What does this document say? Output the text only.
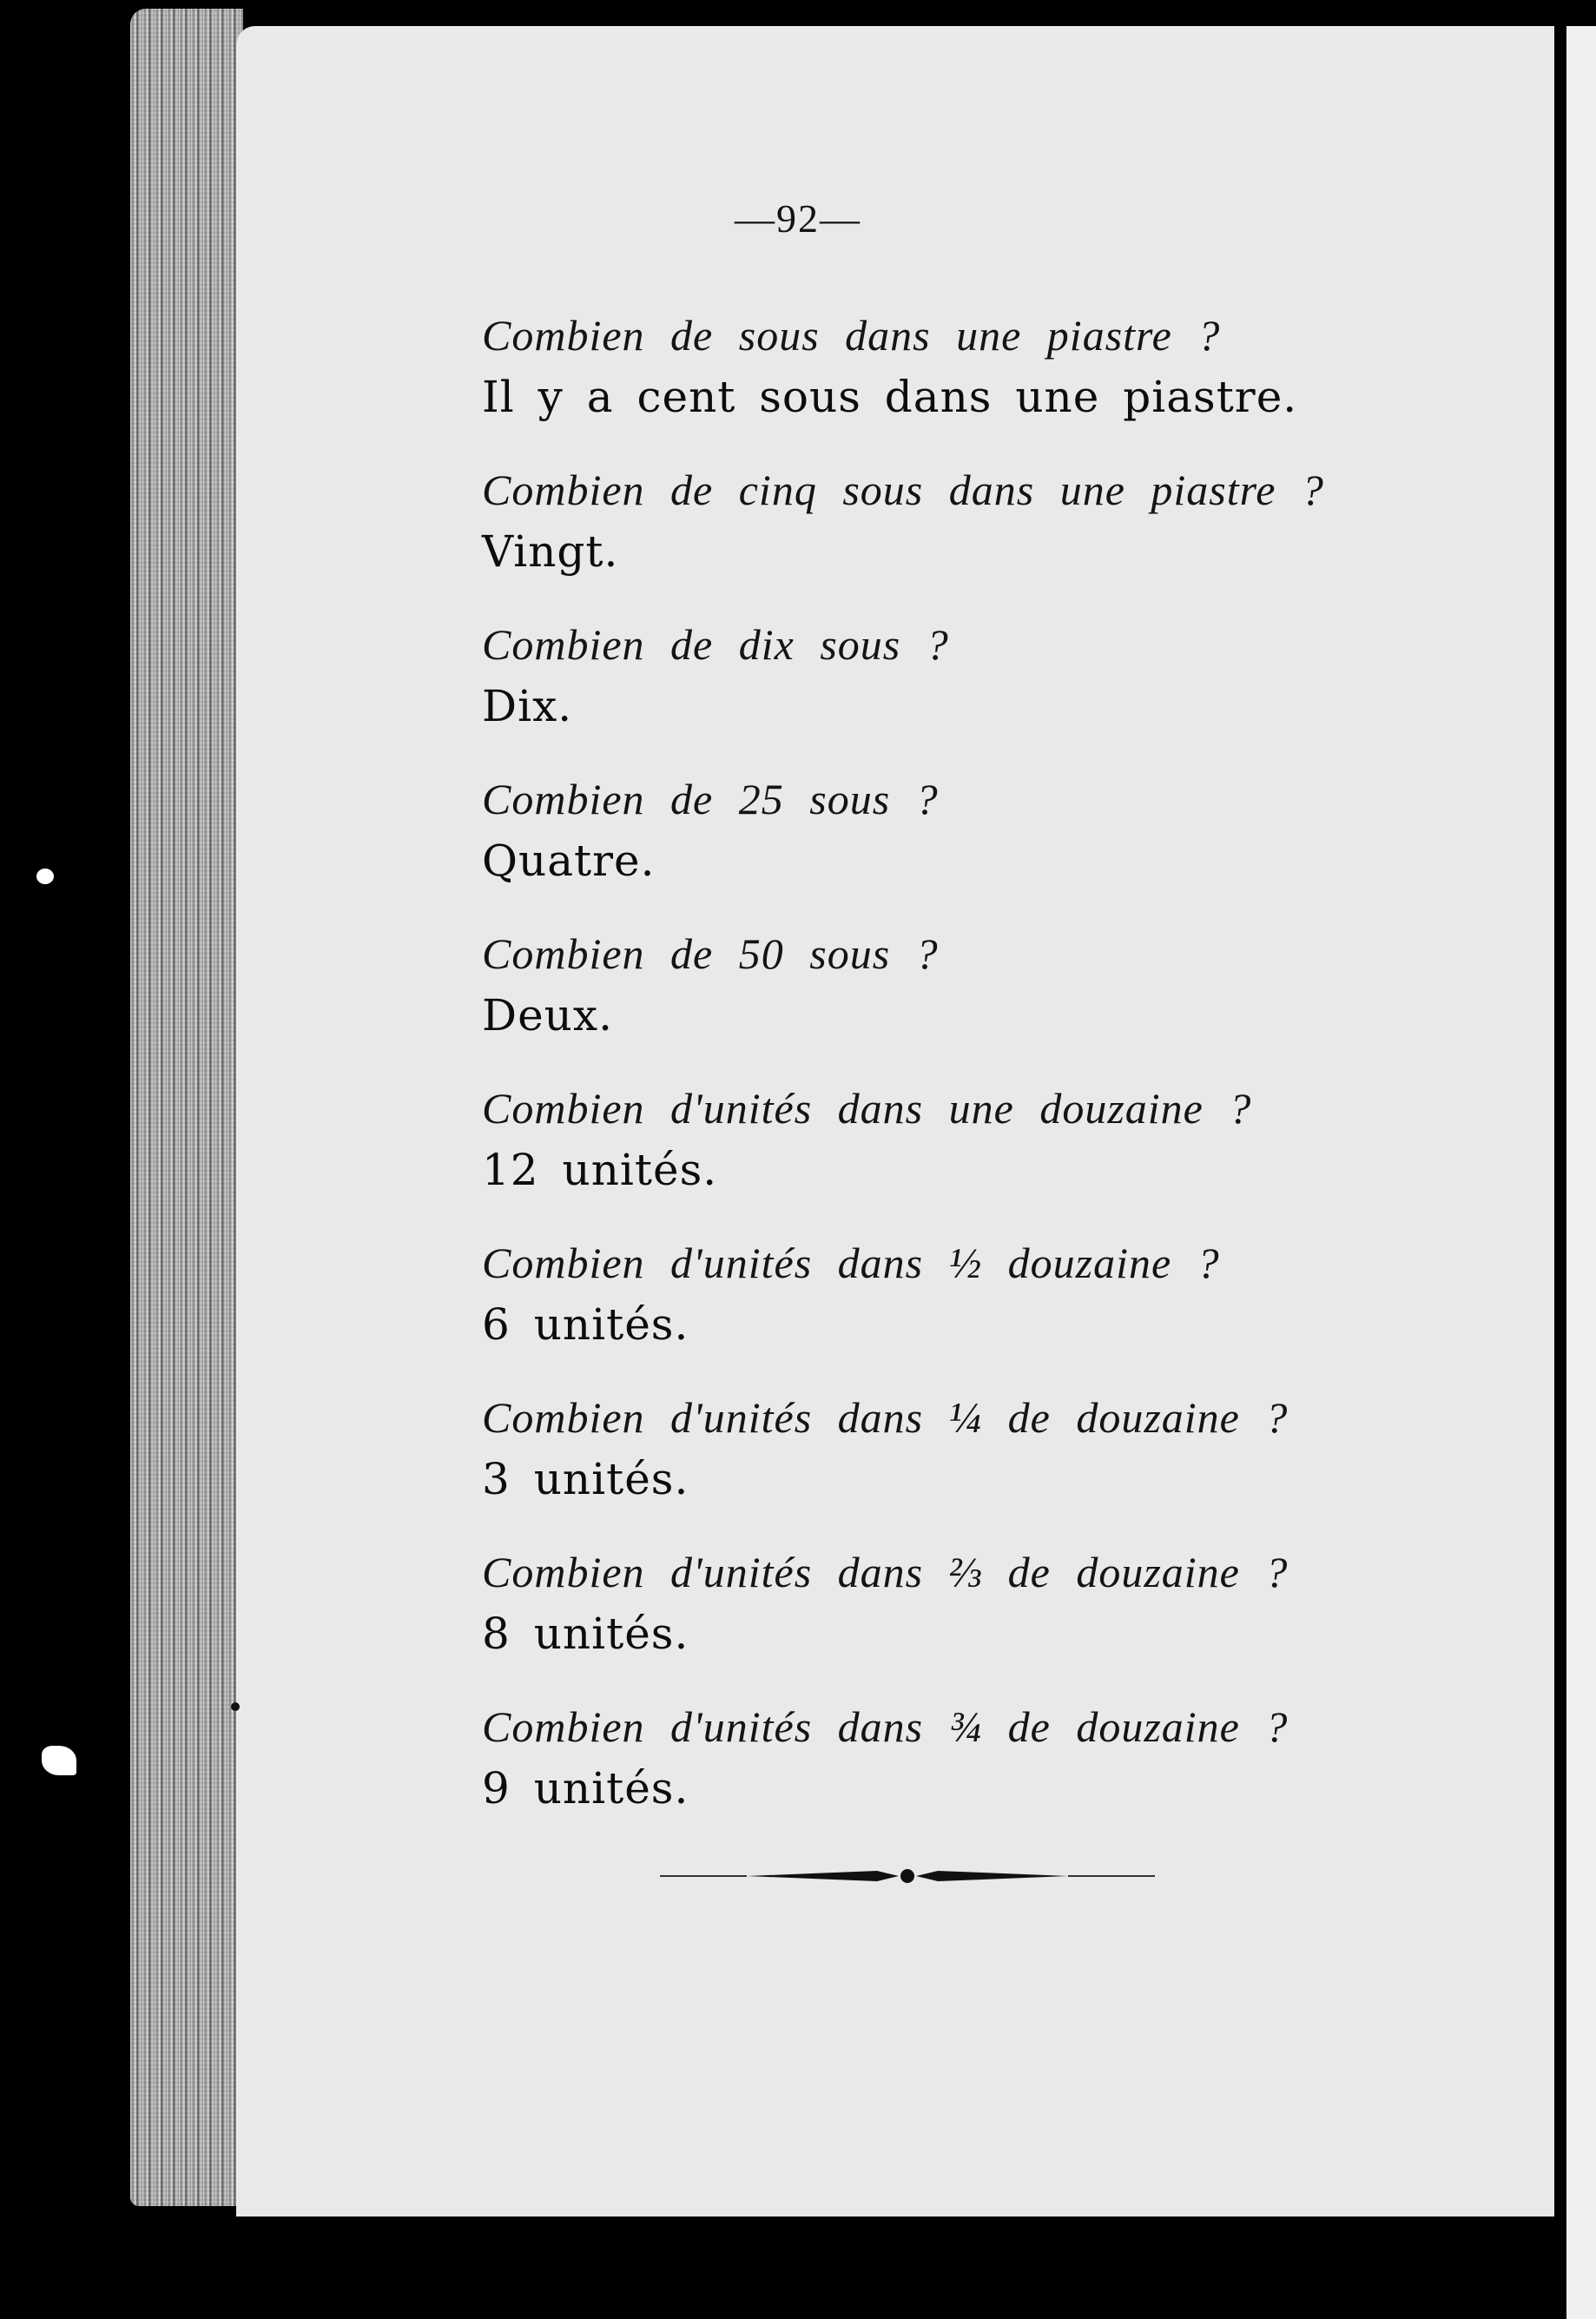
—92—
Combien de sous dans une piastre ?
Il y a cent sous dans une piastre.
Combien de cinq sous dans une piastre ?
Vingt.
Combien de dix sous ?
Dix.
Combien de 25 sous ?
Quatre.
Combien de 50 sous ?
Deux.
Combien d'unités dans une douzaine ?
12 unités.
Combien d'unités dans ½ douzaine ?
6 unités.
Combien d'unités dans ¼ de douzaine ?
3 unités.
Combien d'unités dans ⅔ de douzaine ?
8 unités.
Combien d'unités dans ¾ de douzaine ?
9 unités.
